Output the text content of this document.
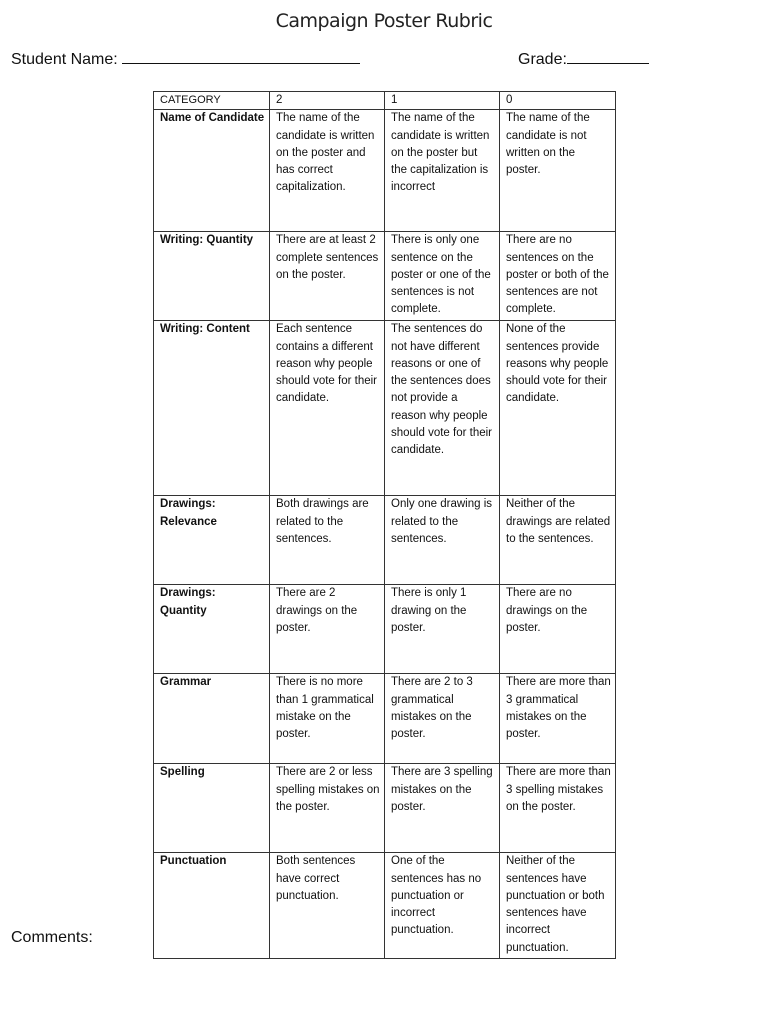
Campaign Poster Rubric
Student Name:	Grade:
CATEGORY	2	1	0
Name of Candidate	The name of the candidate is written on the poster and has correct capitalization.	The name of the candidate is written on the poster but the capitalization is incorrect	The name of the candidate is not written on the poster.
Writing: Quantity	There are at least 2 complete sentences on the poster.	There is only one sentence on the poster or one of the sentences is not complete.	There are no sentences on the poster or both of the sentences are not complete.
Writing: Content	Each sentence contains a different reason why people should vote for their candidate.	The sentences do not have different reasons or one of the sentences does not provide a reason why people should vote for their candidate.	None of the sentences provide reasons why people should vote for their candidate.
Drawings: Relevance	Both drawings are related to the sentences.	Only one drawing is related to the sentences.	Neither of the drawings are related to the sentences.
Drawings: Quantity	There are 2 drawings on the poster.	There is only 1 drawing on the poster.	There are no drawings on the poster.
Grammar	There is no more than 1 grammatical mistake on the poster.	There are 2 to 3 grammatical mistakes on the poster.	There are more than 3 grammatical mistakes on the poster.
Spelling	There are 2 or less spelling mistakes on the poster.	There are 3 spelling mistakes on the poster.	There are more than 3 spelling mistakes on the poster.
Punctuation	Both sentences have correct punctuation.	One of the sentences has no punctuation or incorrect punctuation.	Neither of the sentences have punctuation or both sentences have incorrect punctuation.
Comments:
